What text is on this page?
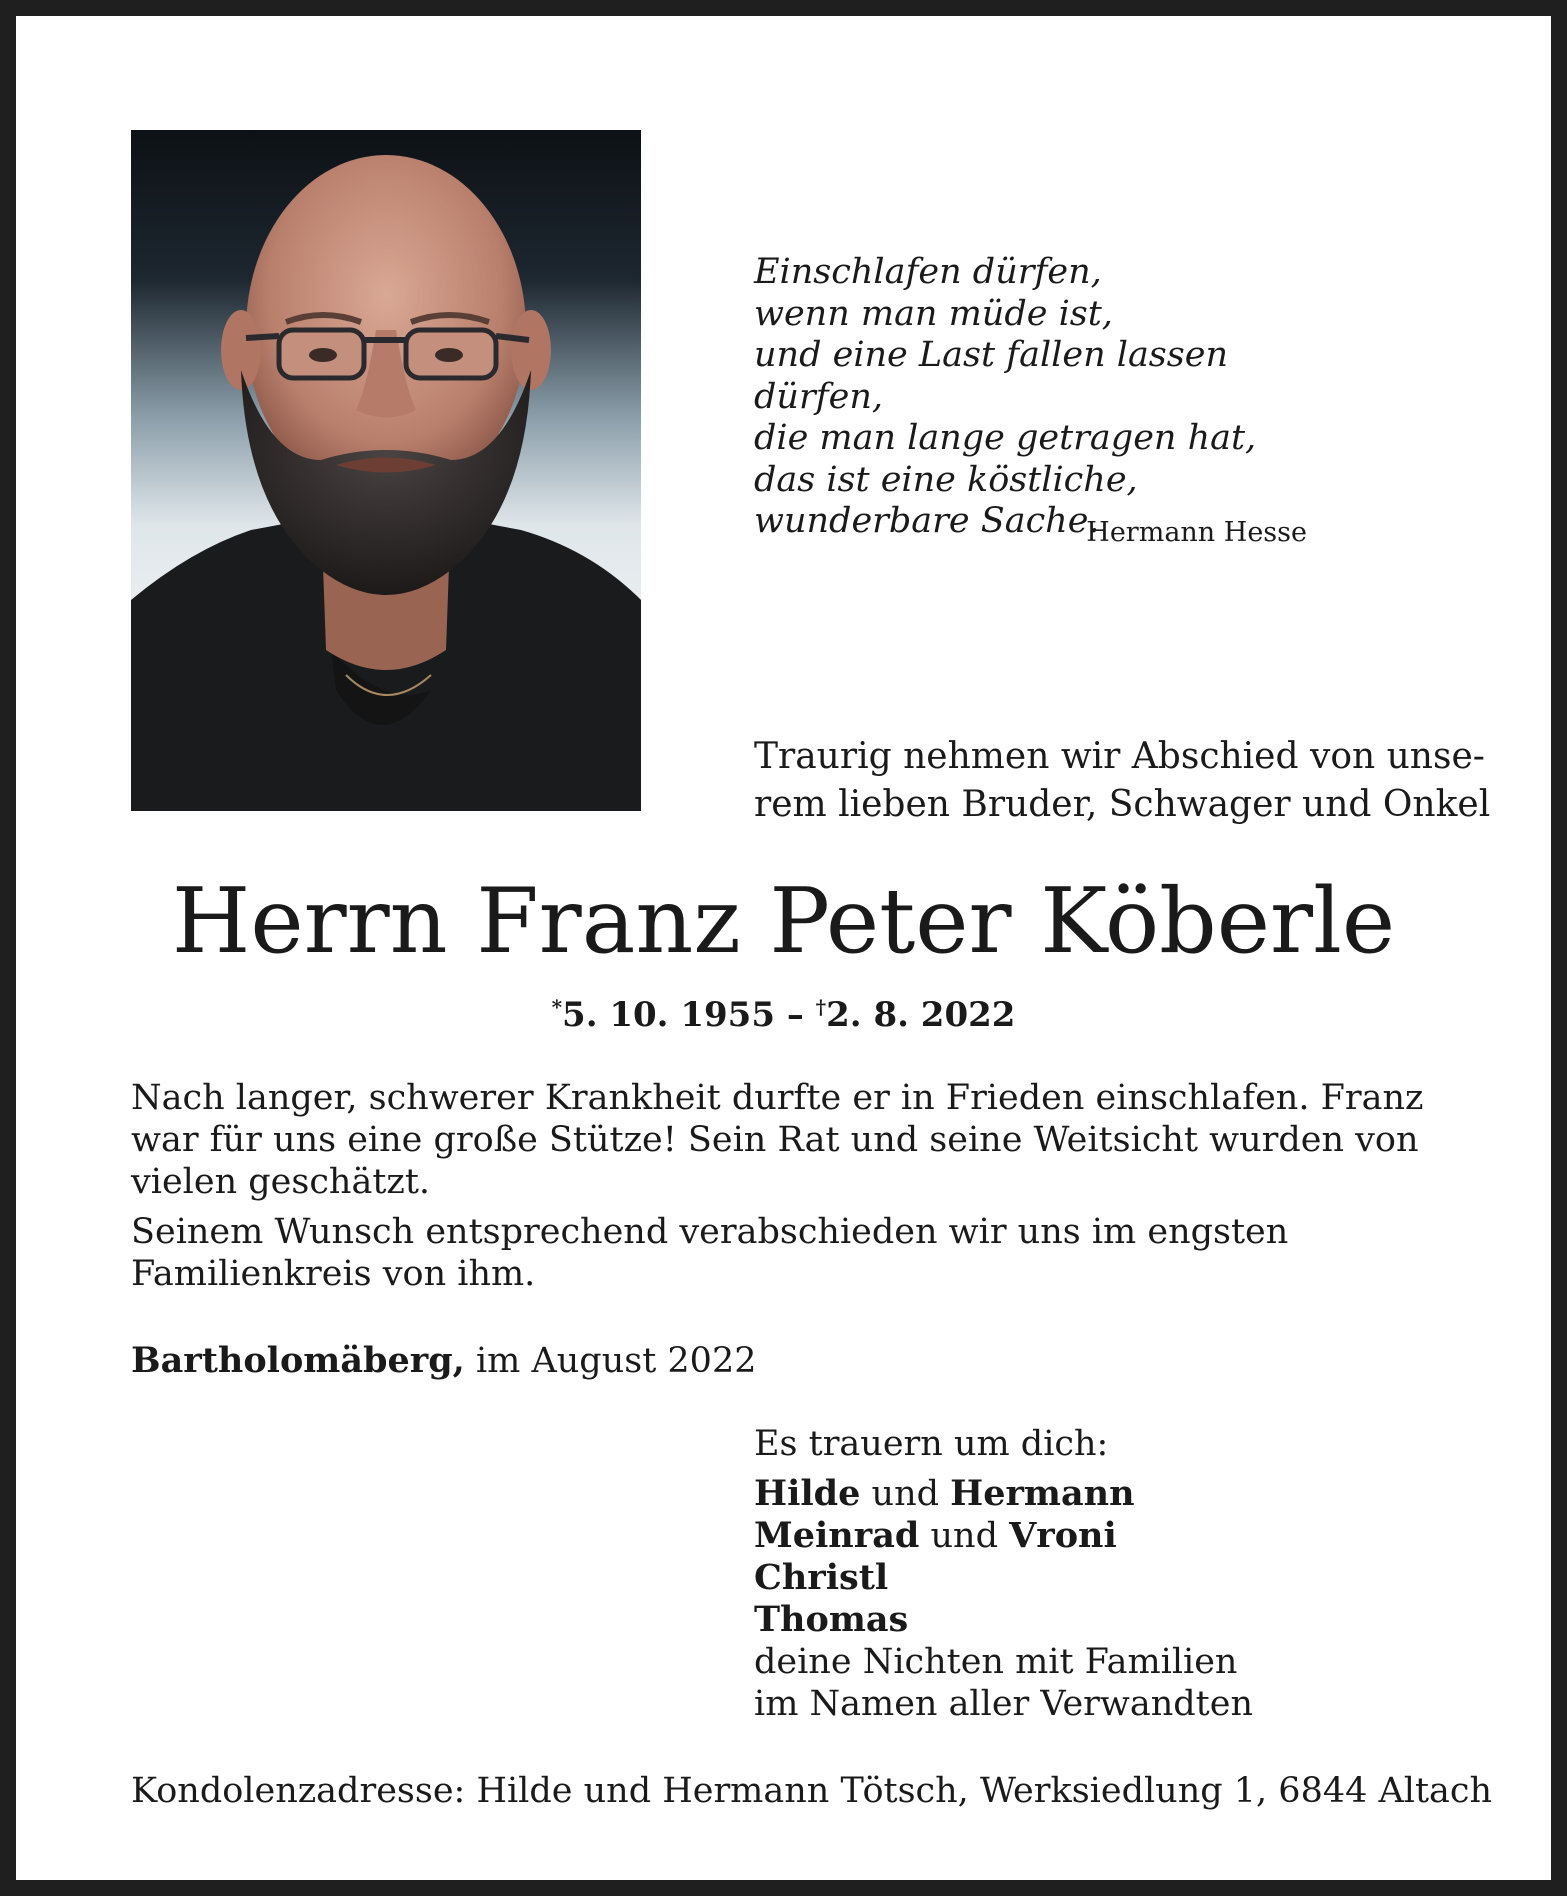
Einschlafen dürfen,
wenn man müde ist,
und eine Last fallen lassen dürfen,
die man lange getragen hat,
das ist eine köstliche,
wunderbare Sache.
Hermann Hesse
Traurig nehmen wir Abschied von unse-
rem lieben Bruder, Schwager und Onkel
Herrn Franz Peter Köberle
*5. 10. 1955 – †2. 8. 2022

Nach langer, schwerer Krankheit durfte er in Frieden einschlafen. Franz war für uns eine große Stütze! Sein Rat und seine Weitsicht wurden von vielen geschätzt.

Seinem Wunsch entsprechend verabschieden wir uns im engsten Familienkreis von ihm.

Bartholomäberg, im August 2022
Es trauern um dich:
Hilde und Hermann
Meinrad und Vroni
Christl
Thomas
deine Nichten mit Familien
im Namen aller Verwandten
Kondolenzadresse: Hilde und Hermann Tötsch, Werksiedlung 1, 6844 Altach
